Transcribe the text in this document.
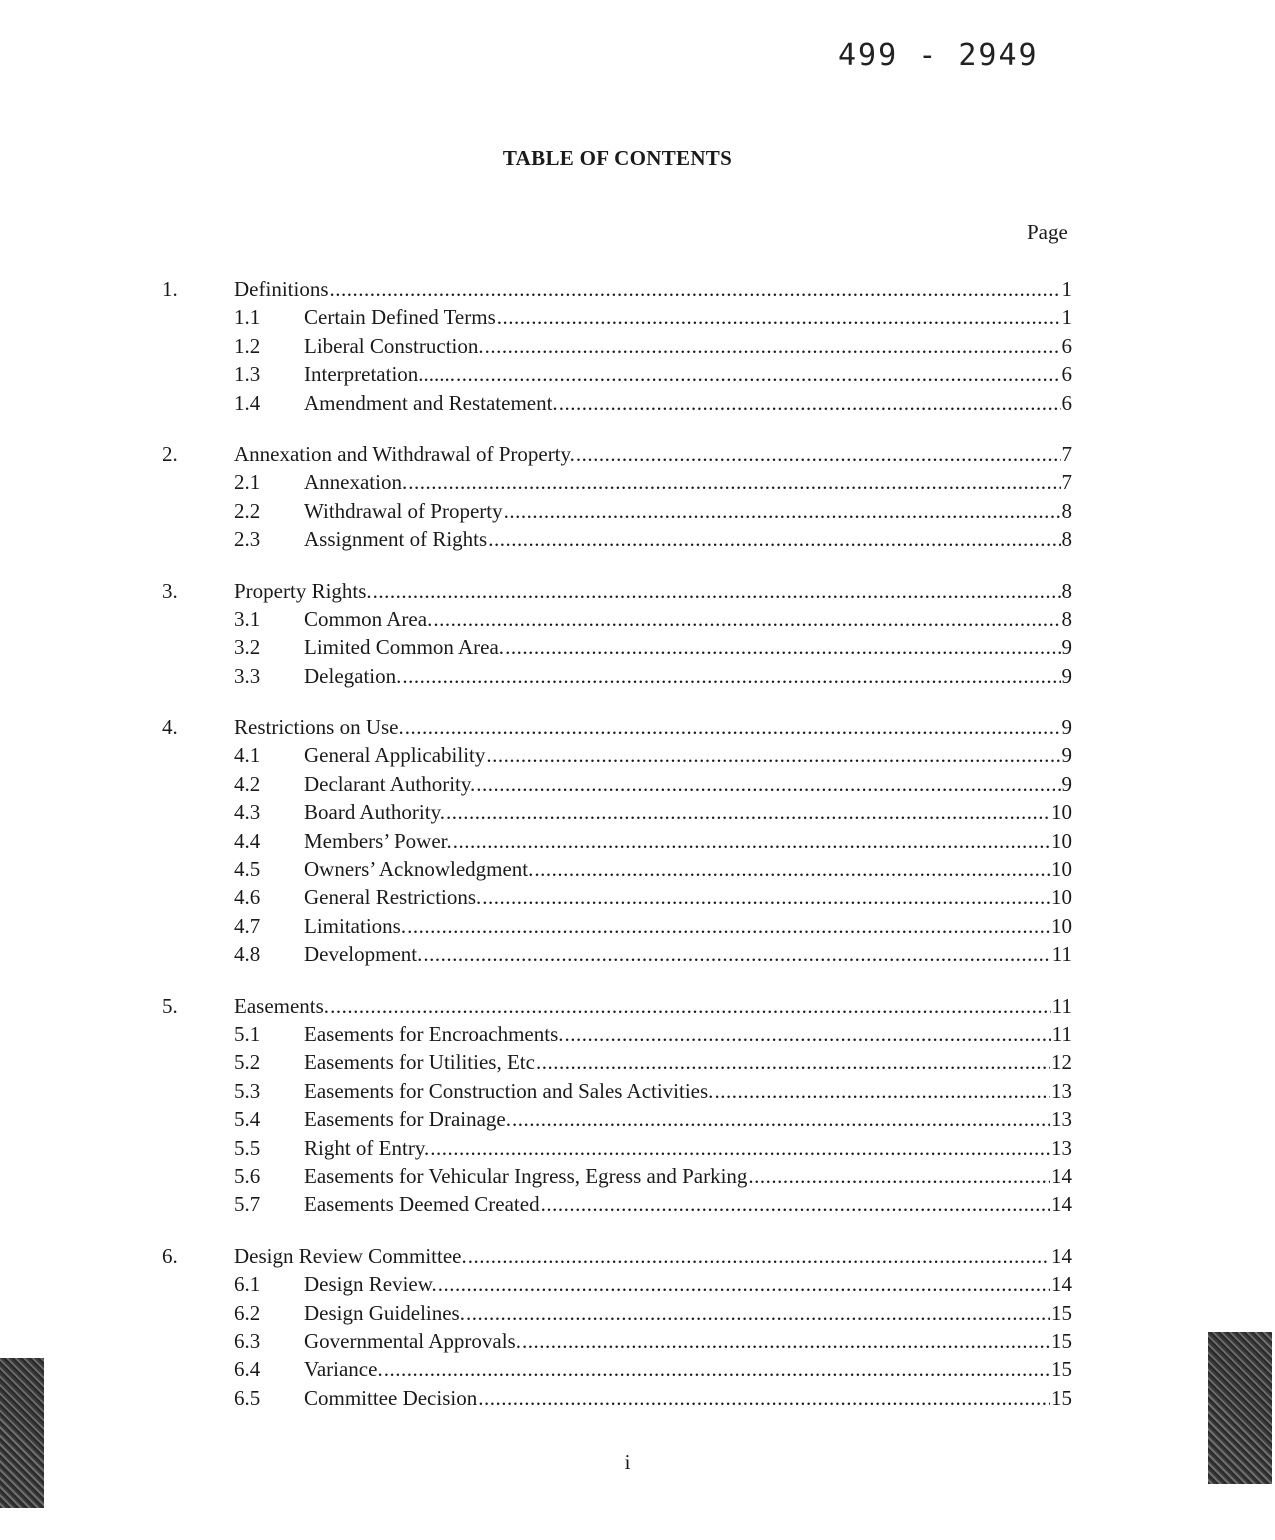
499 - 2949
TABLE OF CONTENTS
Page
1.	Definitions .....	1
1.1	Certain Defined Terms .....	1
1.2	Liberal Construction. .....	6
1.3	Interpretation....... .....	6
1.4	Amendment and Restatement. .....	6
2.	Annexation and Withdrawal of Property. .....	7
2.1	Annexation. .....	7
2.2	Withdrawal of Property .....	8
2.3	Assignment of Rights .....	8
3.	Property Rights. .....	8
3.1	Common Area. .....	8
3.2	Limited Common Area. .....	9
3.3	Delegation. .....	9
4.	Restrictions on Use. .....	9
4.1	General Applicability .....	9
4.2	Declarant Authority. .....	9
4.3	Board Authority. .....	10
4.4	Members’ Power. .....	10
4.5	Owners’ Acknowledgment. .....	10
4.6	General Restrictions. .....	10
4.7	Limitations. .....	10
4.8	Development. .....	11
5.	Easements. .....	11
5.1	Easements for Encroachments. .....	11
5.2	Easements for Utilities, Etc .....	12
5.3	Easements for Construction and Sales Activities. .....	13
5.4	Easements for Drainage. .....	13
5.5	Right of Entry. .....	13
5.6	Easements for Vehicular Ingress, Egress and Parking .....	14
5.7	Easements Deemed Created .....	14
6.	Design Review Committee. .....	14
6.1	Design Review. .....	14
6.2	Design Guidelines. .....	15
6.3	Governmental Approvals. .....	15
6.4	Variance. .....	15
6.5	Committee Decision .....	15
i
